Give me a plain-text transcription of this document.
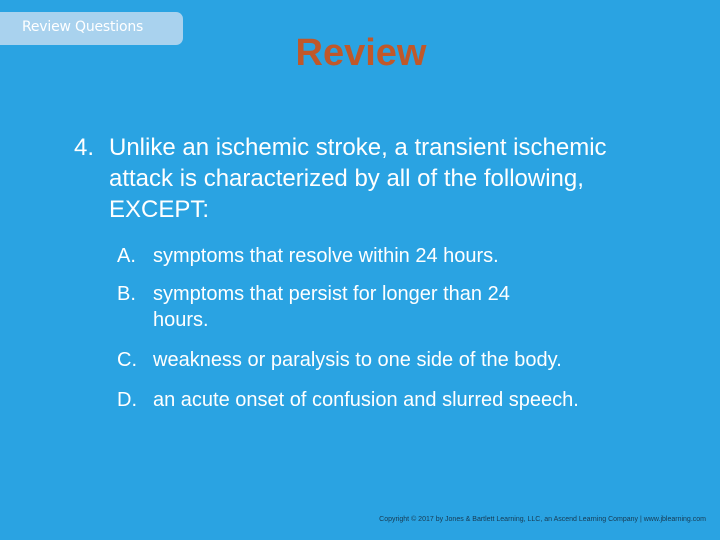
Review Questions
Review
4. Unlike an ischemic stroke, a transient ischemic attack is characterized by all of the following, EXCEPT:
A. symptoms that resolve within 24 hours.
B. symptoms that persist for longer than 24 hours.
C. weakness or paralysis to one side of the body.
D. an acute onset of confusion and slurred speech.
Copyright © 2017 by Jones & Bartlett Learning, LLC, an Ascend Learning Company | www.jblearning.com
